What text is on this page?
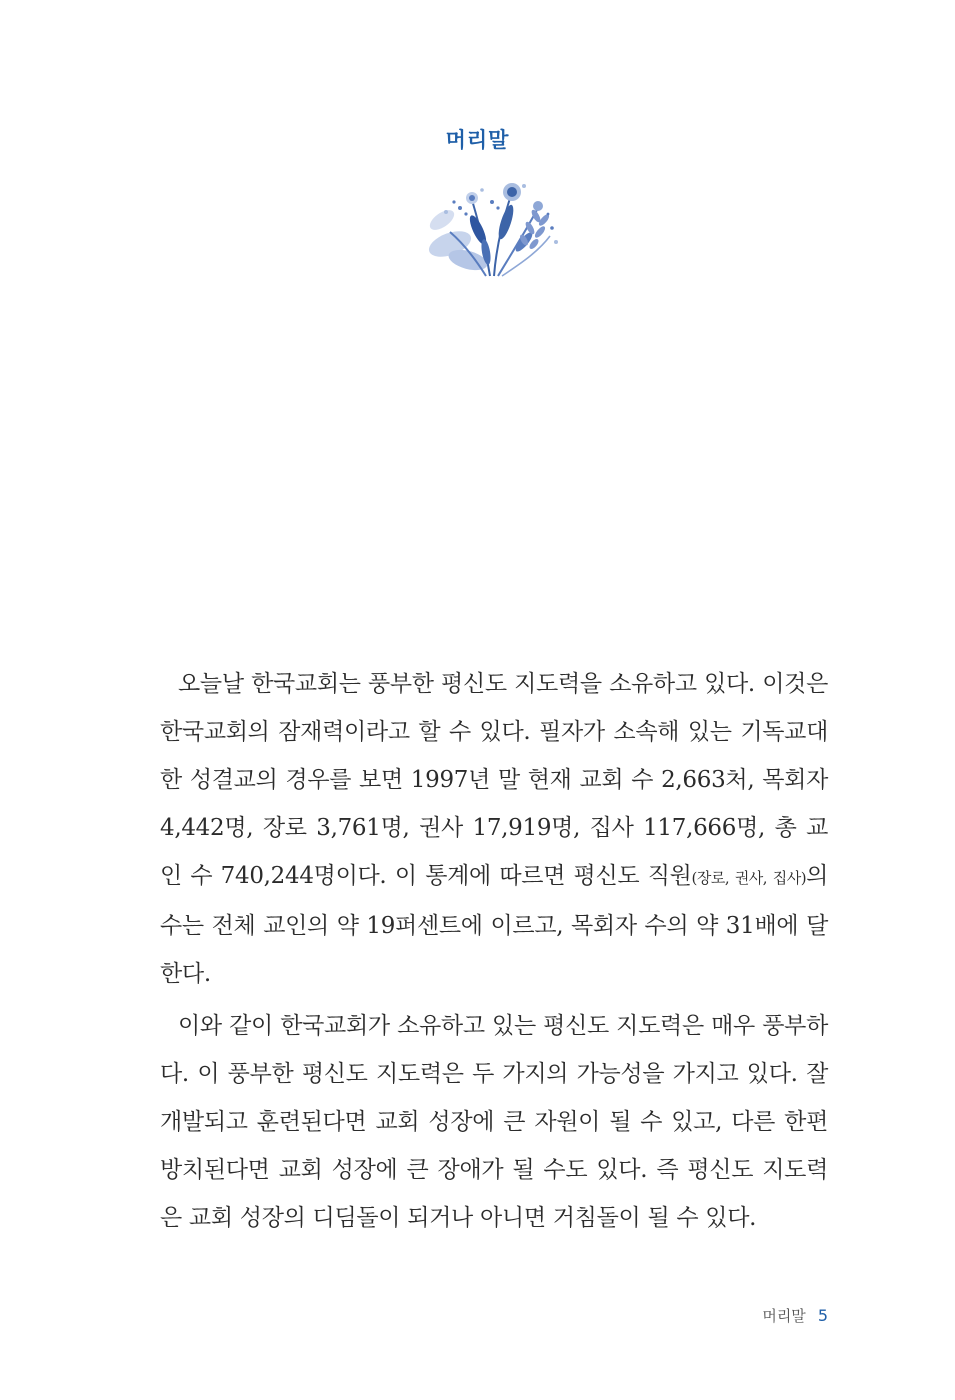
머리말

오늘날 한국교회는 풍부한 평신도 지도력을 소유하고 있다. 이것은 한국교회의 잠재력이라고 할 수 있다. 필자가 소속해 있는 기독교대한 성결교의 경우를 보면 1997년 말 현재 교회 수 2,663처, 목회자 4,442명, 장로 3,761명, 권사 17,919명, 집사 117,666명, 총 교인 수 740,244명이다. 이 통계에 따르면 평신도 직원(장로, 권사, 집사)의 수는 전체 교인의 약 19퍼센트에 이르고, 목회자 수의 약 31배에 달한다.

이와 같이 한국교회가 소유하고 있는 평신도 지도력은 매우 풍부하다. 이 풍부한 평신도 지도력은 두 가지의 가능성을 가지고 있다. 잘 개발되고 훈련된다면 교회 성장에 큰 자원이 될 수 있고, 다른 한편 방치된다면 교회 성장에 큰 장애가 될 수도 있다. 즉 평신도 지도력은 교회 성장의 디딤돌이 되거나 아니면 거침돌이 될 수 있다.

머리말 5
